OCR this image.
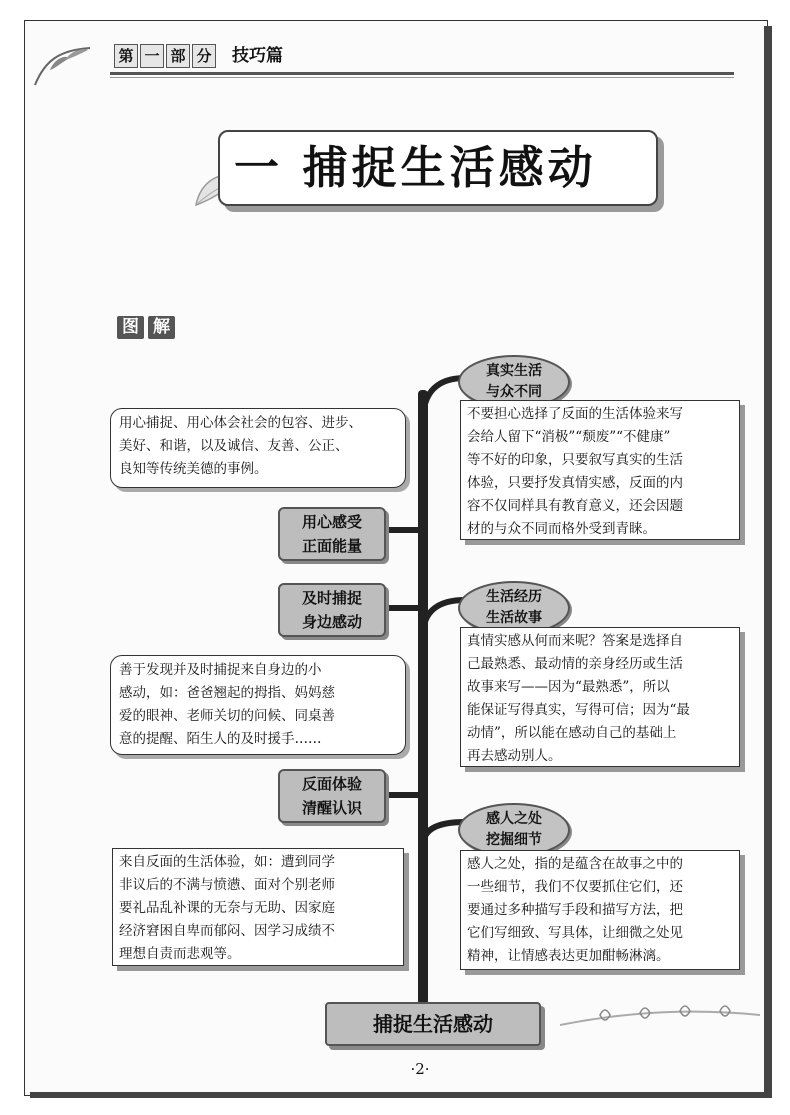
第 一 部 分 技巧篇
一 捕捉生活感动
图 解
用心感受
正面能量
及时捕捉
身边感动
反面体验
清醒认识
用心捕捉、用心体会社会的包容、进步、
美好、和谐，以及诚信、友善、公正、
良知等传统美德的事例。
善于发现并及时捕捉来自身边的小
感动，如：爸爸翘起的拇指、妈妈慈
爱的眼神、老师关切的问候、同桌善
意的提醒、陌生人的及时援手……
来自反面的生活体验，如：遭到同学
非议后的不满与愤懑、面对个别老师
要礼品乱补课的无奈与无助、因家庭
经济窘困自卑而郁闷、因学习成绩不
理想自责而悲观等。
真实生活
与众不同
生活经历
生活故事
感人之处
挖掘细节
不要担心选择了反面的生活体验来写
会给人留下“消极”“颓废”“不健康”
等不好的印象，只要叙写真实的生活
体验，只要抒发真情实感，反面的内
容不仅同样具有教育意义，还会因题
材的与众不同而格外受到青睐。
真情实感从何而来呢？答案是选择自
己最熟悉、最动情的亲身经历或生活
故事来写——因为“最熟悉”，所以
能保证写得真实，写得可信；因为“最
动情”，所以能在感动自己的基础上
再去感动别人。
感人之处，指的是蕴含在故事之中的
一些细节，我们不仅要抓住它们，还
要通过多种描写手段和描写方法，把
它们写细致、写具体，让细微之处见
精神，让情感表达更加酣畅淋漓。
捕捉生活感动
·2·
